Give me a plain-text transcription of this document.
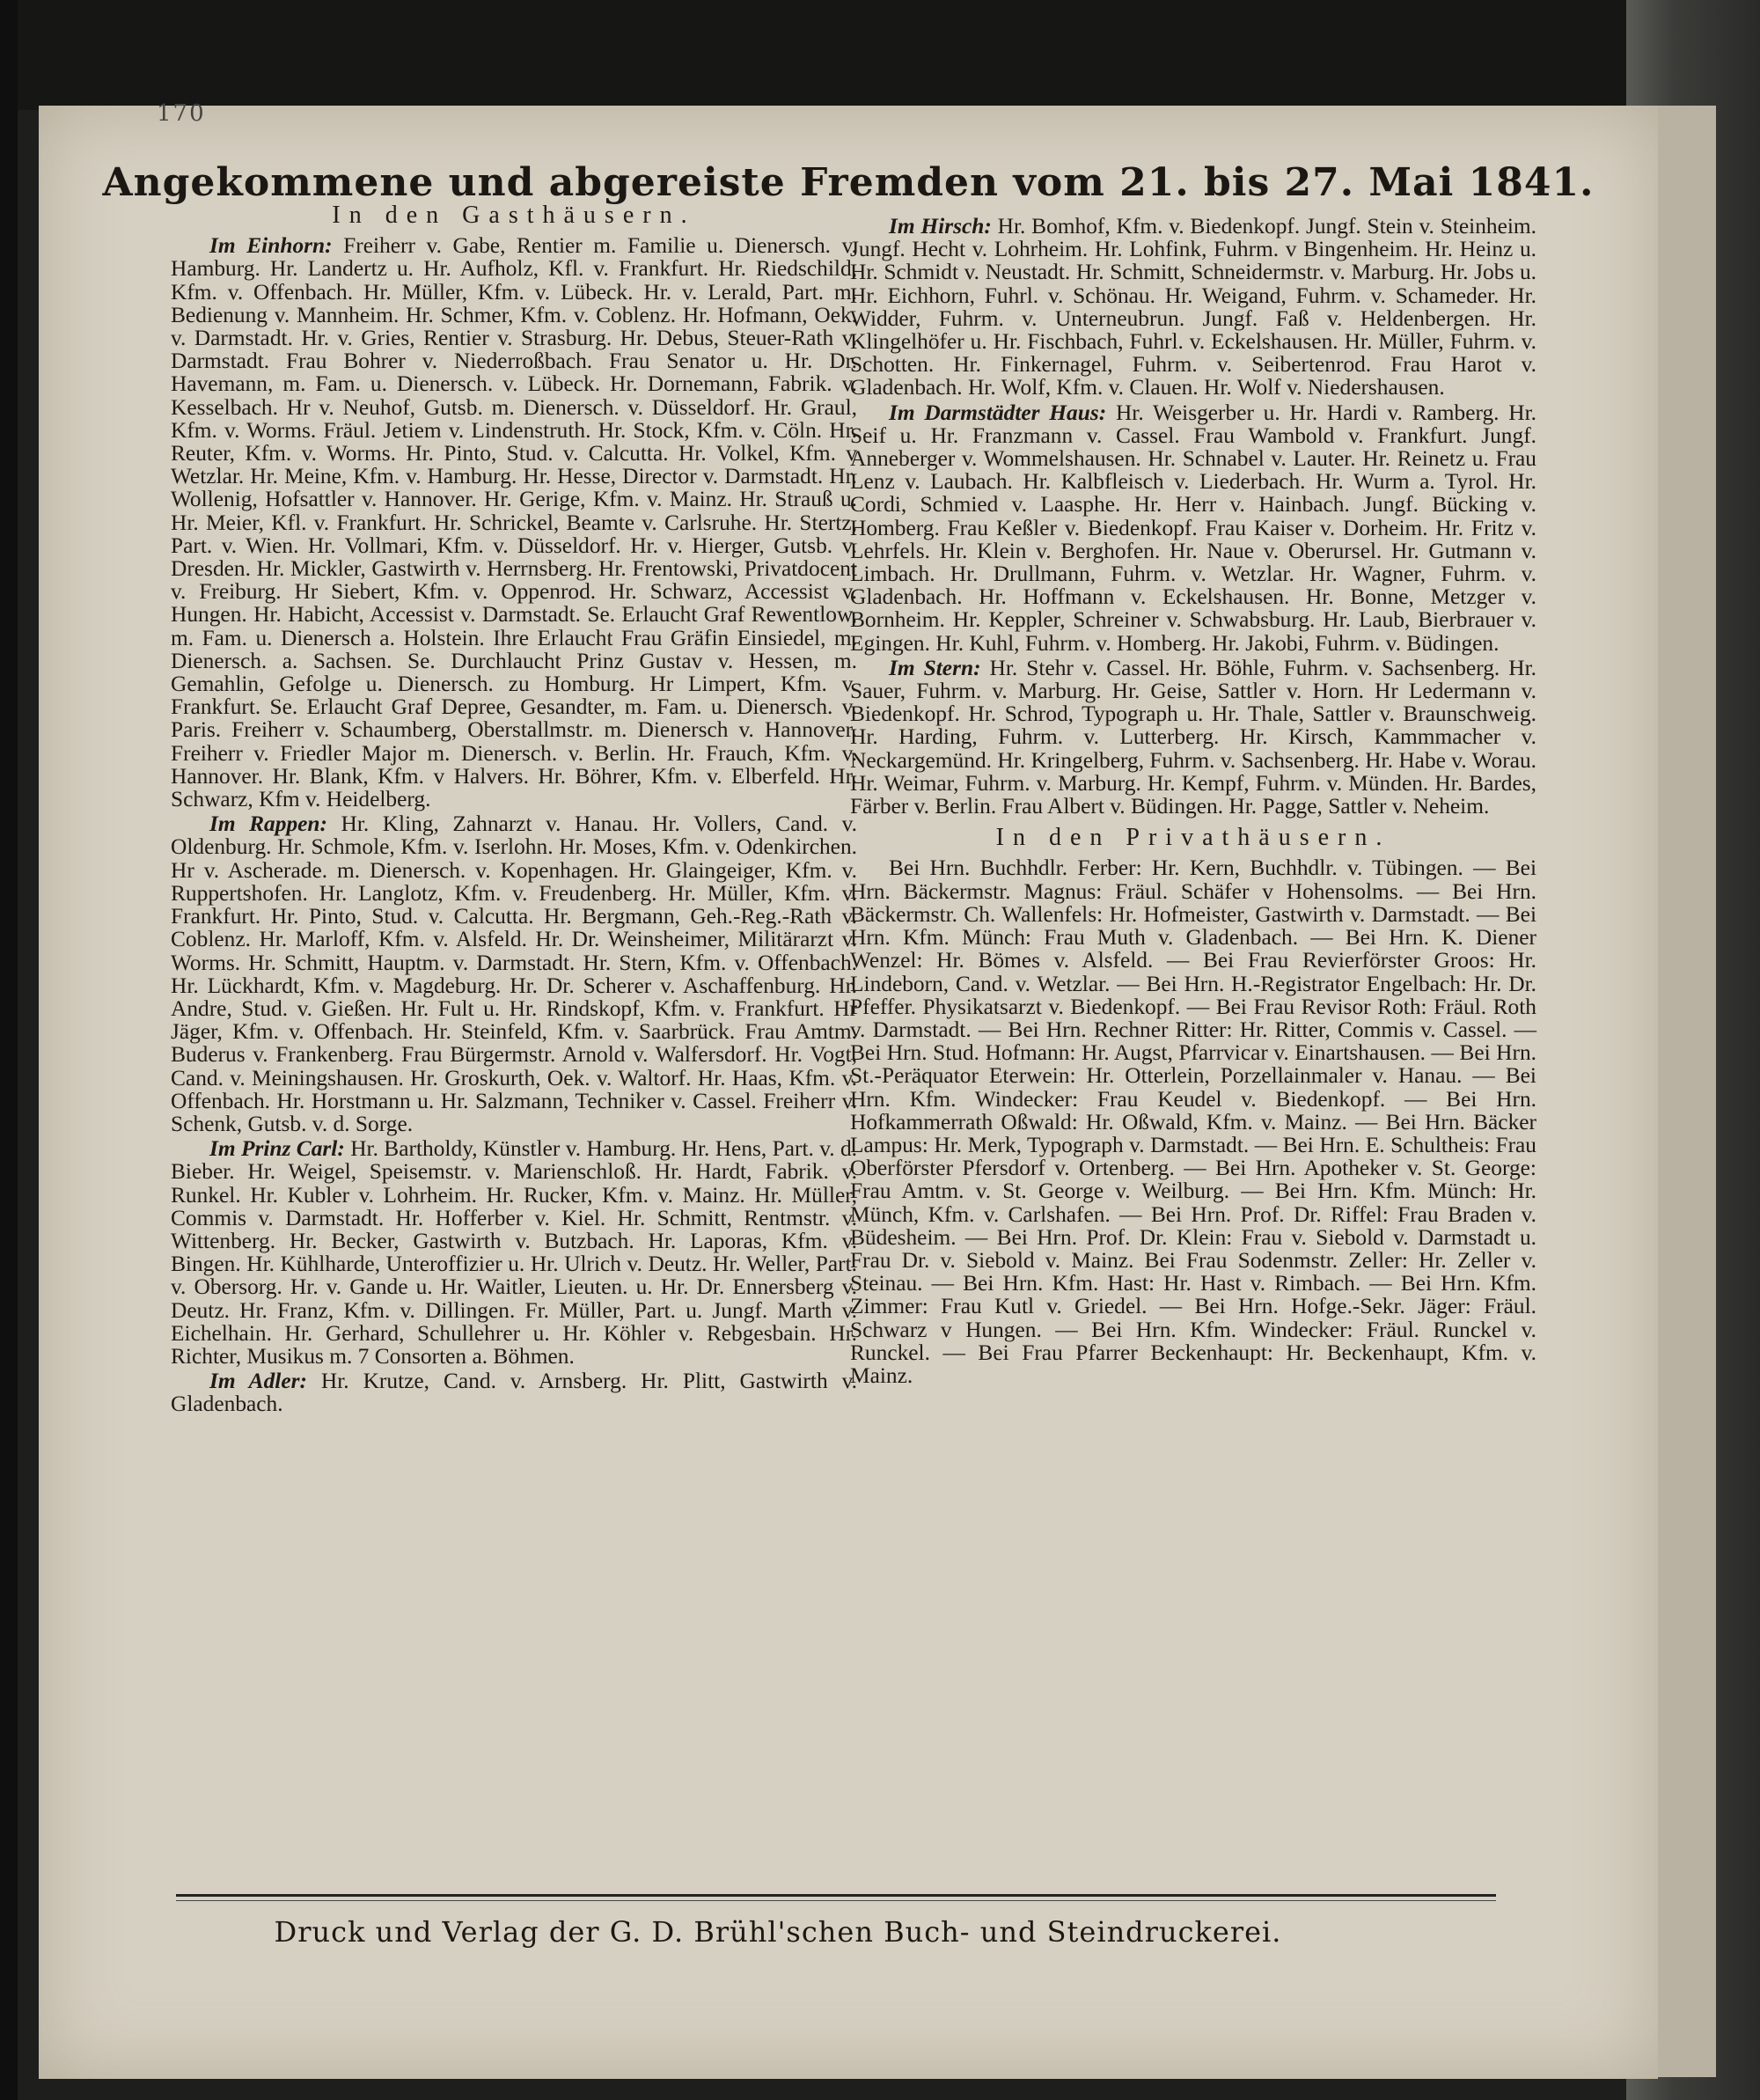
170
Angekommene und abgereiste Fremden vom 21. bis 27. Mai 1841.
In den Gasthäusern.

Im Einhorn: Freiherr v. Gabe, Rentier m. Familie u. Dienersch. v. Hamburg. Hr. Landertz u. Hr. Aufholz, Kfl. v. Frankfurt. Hr. Riedschild, Kfm. v. Offenbach. Hr. Müller, Kfm. v. Lübeck. Hr. v. Lerald, Part. m. Bedienung v. Mannheim. Hr. Schmer, Kfm. v. Coblenz. Hr. Hofmann, Oek. v. Darmstadt. Hr. v. Gries, Rentier v. Strasburg. Hr. Debus, Steuer-Rath v. Darmstadt. Frau Bohrer v. Niederroßbach. Frau Senator u. Hr. Dr. Havemann, m. Fam. u. Dienersch. v. Lübeck. Hr. Dornemann, Fabrik. v. Kesselbach. Hr v. Neuhof, Gutsb. m. Dienersch. v. Düsseldorf. Hr. Graul, Kfm. v. Worms. Fräul. Jetiem v. Lindenstruth. Hr. Stock, Kfm. v. Cöln. Hr. Reuter, Kfm. v. Worms. Hr. Pinto, Stud. v. Calcutta. Hr. Volkel, Kfm. v Wetzlar. Hr. Meine, Kfm. v. Hamburg. Hr. Hesse, Director v. Darmstadt. Hr. Wollenig, Hofsattler v. Hannover. Hr. Gerige, Kfm. v. Mainz. Hr. Strauß u. Hr. Meier, Kfl. v. Frankfurt. Hr. Schrickel, Beamte v. Carlsruhe. Hr. Stertz, Part. v. Wien. Hr. Vollmari, Kfm. v. Düsseldorf. Hr. v. Hierger, Gutsb. v. Dresden. Hr. Mickler, Gastwirth v. Herrnsberg. Hr. Frentowski, Privatdocent v. Freiburg. Hr Siebert, Kfm. v. Oppenrod. Hr. Schwarz, Accessist v. Hungen. Hr. Habicht, Accessist v. Darmstadt. Se. Erlaucht Graf Rewentlow, m. Fam. u. Dienersch a. Holstein. Ihre Erlaucht Frau Gräfin Einsiedel, m. Dienersch. a. Sachsen. Se. Durchlaucht Prinz Gustav v. Hessen, m. Gemahlin, Gefolge u. Dienersch. zu Homburg. Hr Limpert, Kfm. v. Frankfurt. Se. Erlaucht Graf Depree, Gesandter, m. Fam. u. Dienersch. v. Paris. Freiherr v. Schaumberg, Oberstallmstr. m. Dienersch v. Hannover. Freiherr v. Friedler Major m. Dienersch. v. Berlin. Hr. Frauch, Kfm. v. Hannover. Hr. Blank, Kfm. v Halvers. Hr. Böhrer, Kfm. v. Elberfeld. Hr. Schwarz, Kfm v. Heidelberg.

Im Rappen: Hr. Kling, Zahnarzt v. Hanau. Hr. Vollers, Cand. v. Oldenburg. Hr. Schmole, Kfm. v. Iserlohn. Hr. Moses, Kfm. v. Odenkirchen. Hr v. Ascherade. m. Dienersch. v. Kopenhagen. Hr. Glaingeiger, Kfm. v. Ruppertshofen. Hr. Langlotz, Kfm. v. Freudenberg. Hr. Müller, Kfm. v. Frankfurt. Hr. Pinto, Stud. v. Calcutta. Hr. Bergmann, Geh.-Reg.-Rath v. Coblenz. Hr. Marloff, Kfm. v. Alsfeld. Hr. Dr. Weinsheimer, Militärarzt v. Worms. Hr. Schmitt, Hauptm. v. Darmstadt. Hr. Stern, Kfm. v. Offenbach. Hr. Lückhardt, Kfm. v. Magdeburg. Hr. Dr. Scherer v. Aschaffenburg. Hr. Andre, Stud. v. Gießen. Hr. Fult u. Hr. Rindskopf, Kfm. v. Frankfurt. Hr Jäger, Kfm. v. Offenbach. Hr. Steinfeld, Kfm. v. Saarbrück. Frau Amtm. Buderus v. Frankenberg. Frau Bürgermstr. Arnold v. Walfersdorf. Hr. Vogt, Cand. v. Meiningshausen. Hr. Groskurth, Oek. v. Waltorf. Hr. Haas, Kfm. v. Offenbach. Hr. Horstmann u. Hr. Salzmann, Techniker v. Cassel. Freiherr v. Schenk, Gutsb. v. d. Sorge.

Im Prinz Carl: Hr. Bartholdy, Künstler v. Hamburg. Hr. Hens, Part. v. d. Bieber. Hr. Weigel, Speisemstr. v. Marienschloß. Hr. Hardt, Fabrik. v. Runkel. Hr. Kubler v. Lohrheim. Hr. Rucker, Kfm. v. Mainz. Hr. Müller, Commis v. Darmstadt. Hr. Hofferber v. Kiel. Hr. Schmitt, Rentmstr. v. Wittenberg. Hr. Becker, Gastwirth v. Butzbach. Hr. Laporas, Kfm. v. Bingen. Hr. Kühlharde, Unteroffizier u. Hr. Ulrich v. Deutz. Hr. Weller, Part. v. Obersorg. Hr. v. Gande u. Hr. Waitler, Lieuten. u. Hr. Dr. Ennersberg v. Deutz. Hr. Franz, Kfm. v. Dillingen. Fr. Müller, Part. u. Jungf. Marth v. Eichelhain. Hr. Gerhard, Schullehrer u. Hr. Köhler v. Rebgesbain. Hr. Richter, Musikus m. 7 Consorten a. Böhmen.

Im Adler: Hr. Krutze, Cand. v. Arnsberg. Hr. Plitt, Gastwirth v. Gladenbach.

Im Hirsch: Hr. Bomhof, Kfm. v. Biedenkopf. Jungf. Stein v. Steinheim. Jungf. Hecht v. Lohrheim. Hr. Lohfink, Fuhrm. v Bingenheim. Hr. Heinz u. Hr. Schmidt v. Neustadt. Hr. Schmitt, Schneidermstr. v. Marburg. Hr. Jobs u. Hr. Eichhorn, Fuhrl. v. Schönau. Hr. Weigand, Fuhrm. v. Schameder. Hr. Widder, Fuhrm. v. Unterneubrun. Jungf. Faß v. Heldenbergen. Hr. Klingelhöfer u. Hr. Fischbach, Fuhrl. v. Eckelshausen. Hr. Müller, Fuhrm. v. Schotten. Hr. Finkernagel, Fuhrm. v. Seibertenrod. Frau Harot v. Gladenbach. Hr. Wolf, Kfm. v. Clauen. Hr. Wolf v. Niedershausen.

Im Darmstädter Haus: Hr. Weisgerber u. Hr. Hardi v. Ramberg. Hr. Seif u. Hr. Franzmann v. Cassel. Frau Wambold v. Frankfurt. Jungf. Anneberger v. Wommelshausen. Hr. Schnabel v. Lauter. Hr. Reinetz u. Frau Lenz v. Laubach. Hr. Kalbfleisch v. Liederbach. Hr. Wurm a. Tyrol. Hr. Cordi, Schmied v. Laasphe. Hr. Herr v. Hainbach. Jungf. Bücking v. Homberg. Frau Keßler v. Biedenkopf. Frau Kaiser v. Dorheim. Hr. Fritz v. Lehrfels. Hr. Klein v. Berghofen. Hr. Naue v. Oberursel. Hr. Gutmann v. Limbach. Hr. Drullmann, Fuhrm. v. Wetzlar. Hr. Wagner, Fuhrm. v. Gladenbach. Hr. Hoffmann v. Eckelshausen. Hr. Bonne, Metzger v. Bornheim. Hr. Keppler, Schreiner v. Schwabsburg. Hr. Laub, Bierbrauer v. Egingen. Hr. Kuhl, Fuhrm. v. Homberg. Hr. Jakobi, Fuhrm. v. Büdingen.

Im Stern: Hr. Stehr v. Cassel. Hr. Böhle, Fuhrm. v. Sachsenberg. Hr. Sauer, Fuhrm. v. Marburg. Hr. Geise, Sattler v. Horn. Hr Ledermann v. Biedenkopf. Hr. Schrod, Typograph u. Hr. Thale, Sattler v. Braunschweig. Hr. Harding, Fuhrm. v. Lutterberg. Hr. Kirsch, Kammmacher v. Neckargemünd. Hr. Kringelberg, Fuhrm. v. Sachsenberg. Hr. Habe v. Worau. Hr. Weimar, Fuhrm. v. Marburg. Hr. Kempf, Fuhrm. v. Münden. Hr. Bardes, Färber v. Berlin. Frau Albert v. Büdingen. Hr. Pagge, Sattler v. Neheim.

In den Privathäusern.

Bei Hrn. Buchhdlr. Ferber: Hr. Kern, Buchhdlr. v. Tübingen. — Bei Hrn. Bäckermstr. Magnus: Fräul. Schäfer v Hohensolms. — Bei Hrn. Bäckermstr. Ch. Wallenfels: Hr. Hofmeister, Gastwirth v. Darmstadt. — Bei Hrn. Kfm. Münch: Frau Muth v. Gladenbach. — Bei Hrn. K. Diener Wenzel: Hr. Bömes v. Alsfeld. — Bei Frau Revierförster Groos: Hr. Lindeborn, Cand. v. Wetzlar. — Bei Hrn. H.-Registrator Engelbach: Hr. Dr. Pfeffer. Physikatsarzt v. Biedenkopf. — Bei Frau Revisor Roth: Fräul. Roth v. Darmstadt. — Bei Hrn. Rechner Ritter: Hr. Ritter, Commis v. Cassel. — Bei Hrn. Stud. Hofmann: Hr. Augst, Pfarrvicar v. Einartshausen. — Bei Hrn. St.-Peräquator Eterwein: Hr. Otterlein, Porzellainmaler v. Hanau. — Bei Hrn. Kfm. Windecker: Frau Keudel v. Biedenkopf. — Bei Hrn. Hofkammerrath Oßwald: Hr. Oßwald, Kfm. v. Mainz. — Bei Hrn. Bäcker Lampus: Hr. Merk, Typograph v. Darmstadt. — Bei Hrn. E. Schultheis: Frau Oberförster Pfersdorf v. Ortenberg. — Bei Hrn. Apotheker v. St. George: Frau Amtm. v. St. George v. Weilburg. — Bei Hrn. Kfm. Münch: Hr. Münch, Kfm. v. Carlshafen. — Bei Hrn. Prof. Dr. Riffel: Frau Braden v. Büdesheim. — Bei Hrn. Prof. Dr. Klein: Frau v. Siebold v. Darmstadt u. Frau Dr. v. Siebold v. Mainz. Bei Frau Sodenmstr. Zeller: Hr. Zeller v. Steinau. — Bei Hrn. Kfm. Hast: Hr. Hast v. Rimbach. — Bei Hrn. Kfm. Zimmer: Frau Kutl v. Griedel. — Bei Hrn. Hofge.-Sekr. Jäger: Fräul. Schwarz v Hungen. — Bei Hrn. Kfm. Windecker: Fräul. Runckel v. Runckel. — Bei Frau Pfarrer Beckenhaupt: Hr. Beckenhaupt, Kfm. v. Mainz.

Druck und Verlag der G. D. Brühl'schen Buch- und Steindruckerei.
